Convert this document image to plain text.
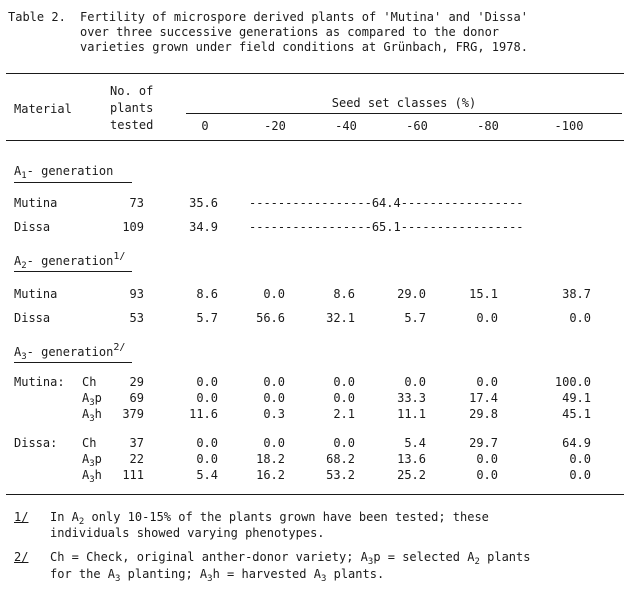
Table 2. Fertility of microspore derived plants of 'Mutina' and 'Dissa'
over three successive generations as compared to the donor
varieties grown under field conditions at Grünbach, FRG, 1978.
Material
No. of
plants
tested
Seed set classes (%)
0	-20	-40	-60	-80	-100
$A_1-$ generation
Mutina	73	35.6	-----------------64.4-----------------
Dissa	109	34.9	-----------------65.1-----------------
$A_2-$ generation$^{1/}$
Mutina	93	8.6	0.0	8.6	29.0	15.1	38.7
Dissa	53	5.7	56.6	32.1	5.7	0.0	0.0
$A_3-$ generation$^{2/}$
Mutina: Ch	29	0.0	0.0	0.0	0.0	0.0	100.0
$A_3p$	69	0.0	0.0	0.0	33.3	17.4	49.1
$A_3h$	379	11.6	0.3	2.1	11.1	29.8	45.1
Dissa: Ch	37	0.0	0.0	0.0	5.4	29.7	64.9
$A_3p$	22	0.0	18.2	68.2	13.6	0.0	0.0
$A_3h$	111	5.4	16.2	53.2	25.2	0.0	0.0
1/ In $A_2$ only 10-15% of the plants grown have been tested; these
individuals showed varying phenotypes.
2/ Ch = Check, original anther-donor variety; $A_3p$ = selected $A_2$ plants
for the $A_3$ planting; $A_3h$ = harvested $A_3$ plants.
